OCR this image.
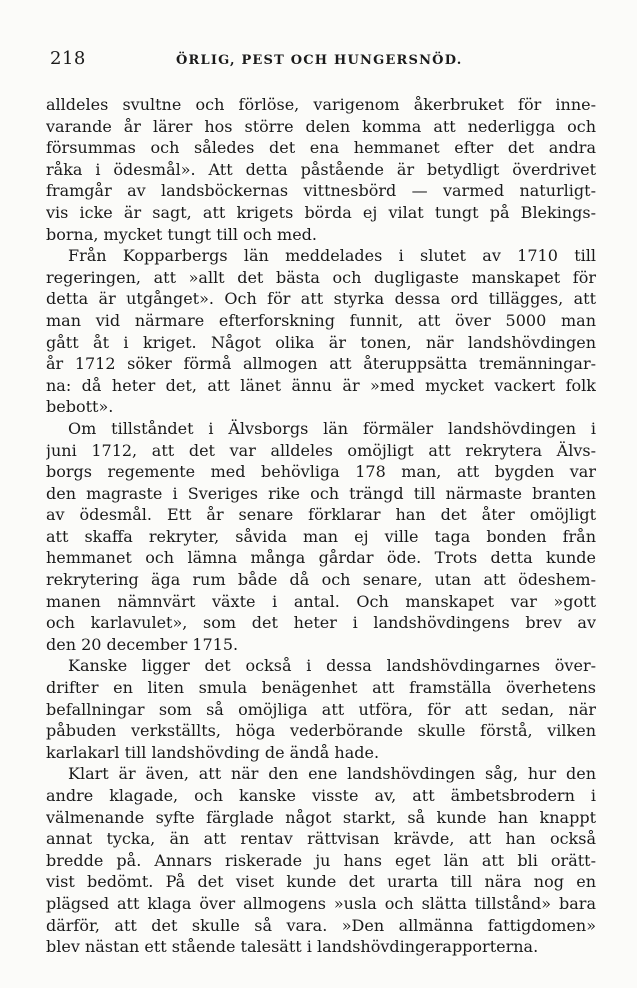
218	ÖRLIG, PEST OCH HUNGERSNÖD.
alldeles svultne och förlöse, varigenom åkerbruket för inne-
varande år lärer hos större delen komma att nederligga och
försummas och således det ena hemmanet efter det andra
råka i ödesmål». Att detta påstående är betydligt överdrivet
framgår av landsböckernas vittnesbörd — varmed naturligt-
vis icke är sagt, att krigets börda ej vilat tungt på Blekings-
borna, mycket tungt till och med.
Från Kopparbergs län meddelades i slutet av 1710 till
regeringen, att »allt det bästa och dugligaste manskapet för
detta är utgånget». Och för att styrka dessa ord tillägges, att
man vid närmare efterforskning funnit, att över 5000 man
gått åt i kriget. Något olika är tonen, när landshövdingen
år 1712 söker förmå allmogen att återuppsätta tremänningar-
na: då heter det, att länet ännu är »med mycket vackert folk
bebott».
Om tillståndet i Älvsborgs län förmäler landshövdingen i
juni 1712, att det var alldeles omöjligt att rekrytera Älvs-
borgs regemente med behövliga 178 man, att bygden var
den magraste i Sveriges rike och trängd till närmaste branten
av ödesmål. Ett år senare förklarar han det åter omöjligt
att skaffa rekryter, såvida man ej ville taga bonden från
hemmanet och lämna många gårdar öde. Trots detta kunde
rekrytering äga rum både då och senare, utan att ödeshem-
manen nämnvärt växte i antal. Och manskapet var »gott
och karlavulet», som det heter i landshövdingens brev av
den 20 december 1715.
Kanske ligger det också i dessa landshövdingarnes över-
drifter en liten smula benägenhet att framställa överhetens
befallningar som så omöjliga att utföra, för att sedan, när
påbuden verkställts, höga vederbörande skulle förstå, vilken
karlakarl till landshövding de ändå hade.
Klart är även, att när den ene landshövdingen såg, hur den
andre klagade, och kanske visste av, att ämbetsbrodern i
välmenande syfte färglade något starkt, så kunde han knappt
annat tycka, än att rentav rättvisan krävde, att han också
bredde på. Annars riskerade ju hans eget län att bli orätt-
vist bedömt. På det viset kunde det urarta till nära nog en
plägsed att klaga över allmogens »usla och slätta tillstånd» bara
därför, att det skulle så vara. »Den allmänna fattigdomen»
blev nästan ett stående talesätt i landshövdingerapporterna.
